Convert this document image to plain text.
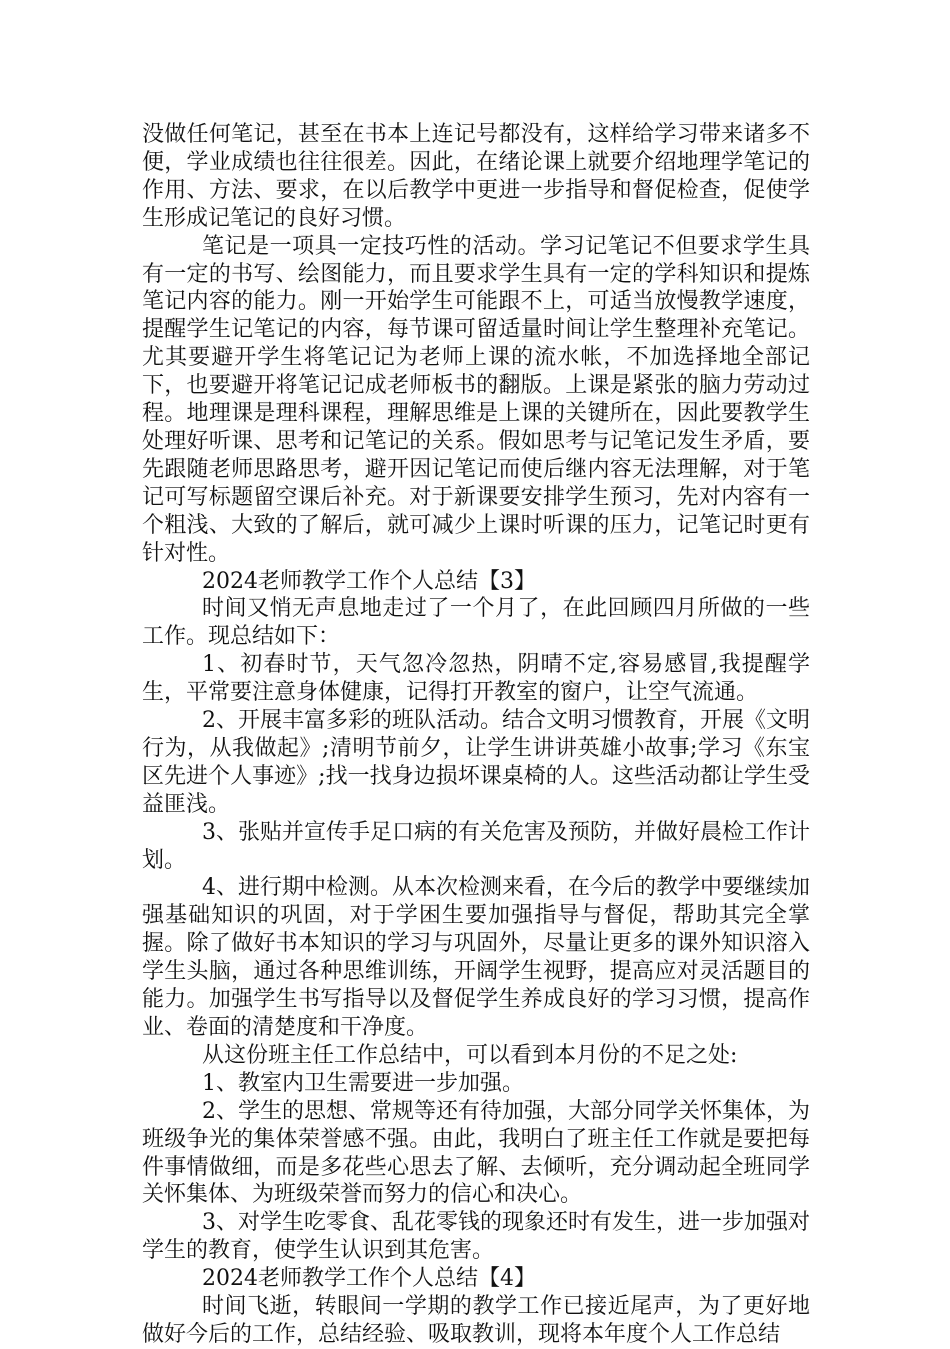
没做任何笔记，甚至在书本上连记号都没有，这样给学习带来诸多不便，学业成绩也往往很差。因此，在绪论课上就要介绍地理学笔记的作用、方法、要求，在以后教学中更进一步指导和督促检查，促使学生形成记笔记的良好习惯。

笔记是一项具一定技巧性的活动。学习记笔记不但要求学生具有一定的书写、绘图能力，而且要求学生具有一定的学科知识和提炼笔记内容的能力。刚一开始学生可能跟不上，可适当放慢教学速度，提醒学生记笔记的内容，每节课可留适量时间让学生整理补充笔记。尤其要避开学生将笔记记为老师上课的流水帐，不加选择地全部记下，也要避开将笔记记成老师板书的翻版。上课是紧张的脑力劳动过程。地理课是理科课程，理解思维是上课的关键所在，因此要教学生处理好听课、思考和记笔记的关系。假如思考与记笔记发生矛盾，要先跟随老师思路思考，避开因记笔记而使后继内容无法理解，对于笔记可写标题留空课后补充。对于新课要安排学生预习，先对内容有一个粗浅、大致的了解后，就可减少上课时听课的压力，记笔记时更有针对性。

2024老师教学工作个人总结【3】

时间又悄无声息地走过了一个月了，在此回顾四月所做的一些工作。现总结如下：

1、初春时节，天气忽冷忽热，阴晴不定,容易感冒,我提醒学生，平常要注意身体健康，记得打开教室的窗户，让空气流通。

2、开展丰富多彩的班队活动。结合文明习惯教育，开展《文明行为，从我做起》;清明节前夕，让学生讲讲英雄小故事;学习《东宝区先进个人事迹》;找一找身边损坏课桌椅的人。这些活动都让学生受益匪浅。

3、张贴并宣传手足口病的有关危害及预防，并做好晨检工作计划。

4、进行期中检测。从本次检测来看，在今后的教学中要继续加强基础知识的巩固，对于学困生要加强指导与督促，帮助其完全掌握。除了做好书本知识的学习与巩固外，尽量让更多的课外知识溶入学生头脑，通过各种思维训练，开阔学生视野，提高应对灵活题目的能力。加强学生书写指导以及督促学生养成良好的学习习惯，提高作业、卷面的清楚度和干净度。

从这份班主任工作总结中，可以看到本月份的不足之处:

1、教室内卫生需要进一步加强。

2、学生的思想、常规等还有待加强，大部分同学关怀集体，为班级争光的集体荣誉感不强。由此，我明白了班主任工作就是要把每件事情做细，而是多花些心思去了解、去倾听，充分调动起全班同学关怀集体、为班级荣誉而努力的信心和决心。

3、对学生吃零食、乱花零钱的现象还时有发生，进一步加强对学生的教育，使学生认识到其危害。

2024老师教学工作个人总结【4】

时间飞逝，转眼间一学期的教学工作已接近尾声，为了更好地做好今后的工作，总结经验、吸取教训，现将本年度个人工作总结
